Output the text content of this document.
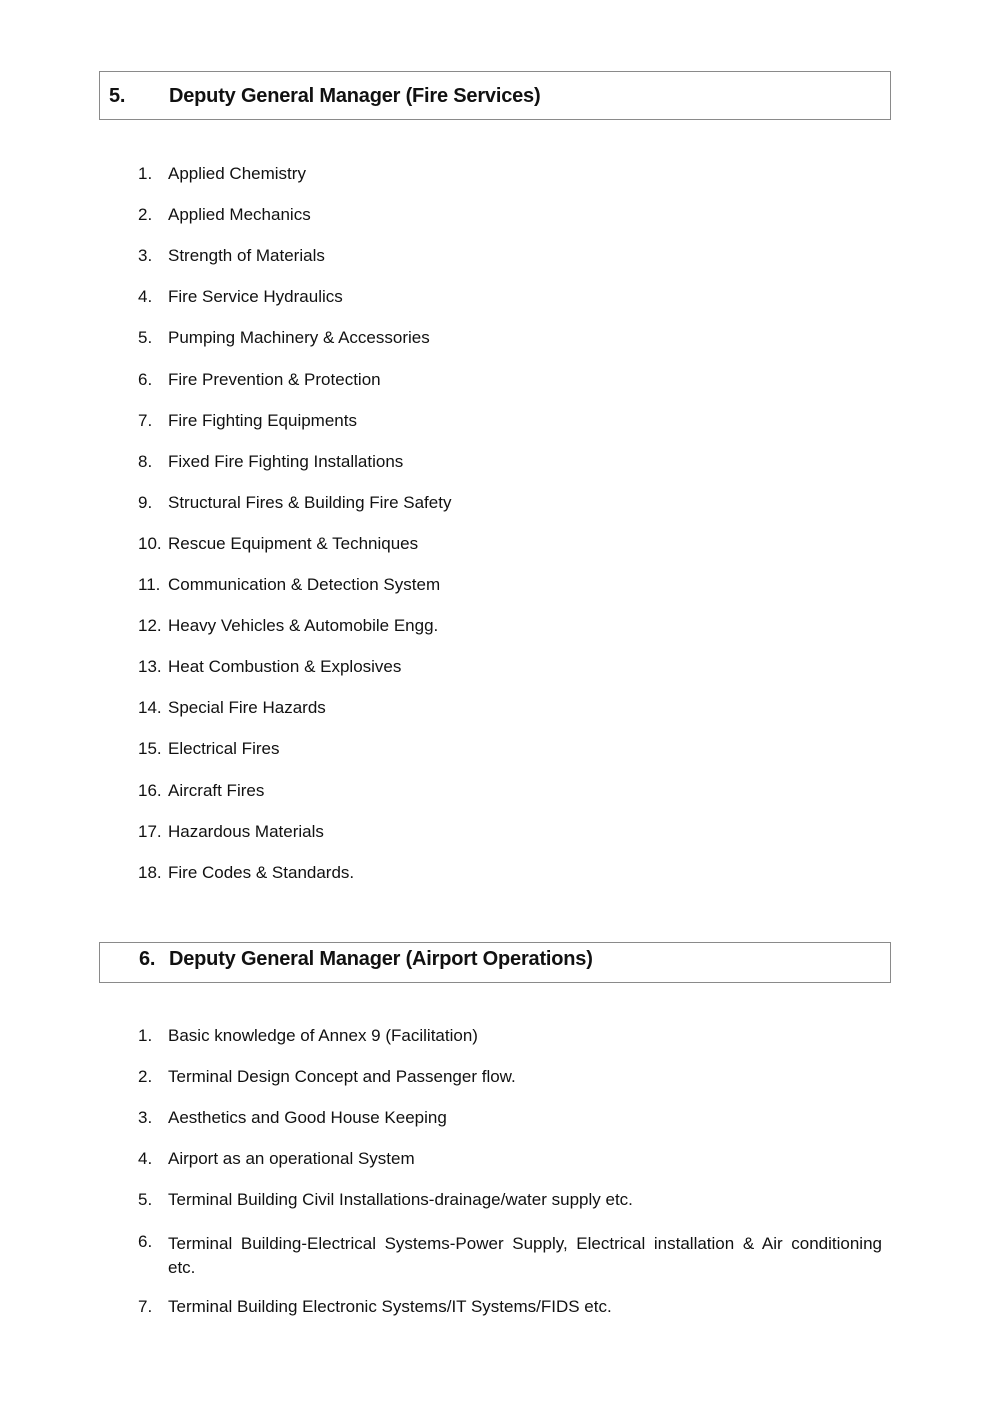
5. Deputy General Manager (Fire Services)
1. Applied Chemistry
2. Applied Mechanics
3. Strength of Materials
4. Fire Service Hydraulics
5. Pumping Machinery & Accessories
6. Fire Prevention & Protection
7. Fire Fighting Equipments
8. Fixed Fire Fighting Installations
9. Structural Fires & Building Fire Safety
10. Rescue Equipment & Techniques
11. Communication & Detection System
12. Heavy Vehicles & Automobile Engg.
13. Heat Combustion & Explosives
14. Special Fire Hazards
15. Electrical Fires
16. Aircraft Fires
17. Hazardous Materials
18. Fire Codes & Standards.
6. Deputy General Manager (Airport Operations)
1. Basic knowledge of Annex 9 (Facilitation)
2. Terminal Design Concept and Passenger flow.
3. Aesthetics and Good House Keeping
4. Airport as an operational System
5. Terminal Building Civil Installations-drainage/water supply etc.
6. Terminal Building-Electrical Systems-Power Supply, Electrical installation & Air conditioning etc.
7. Terminal Building Electronic Systems/IT Systems/FIDS etc.
